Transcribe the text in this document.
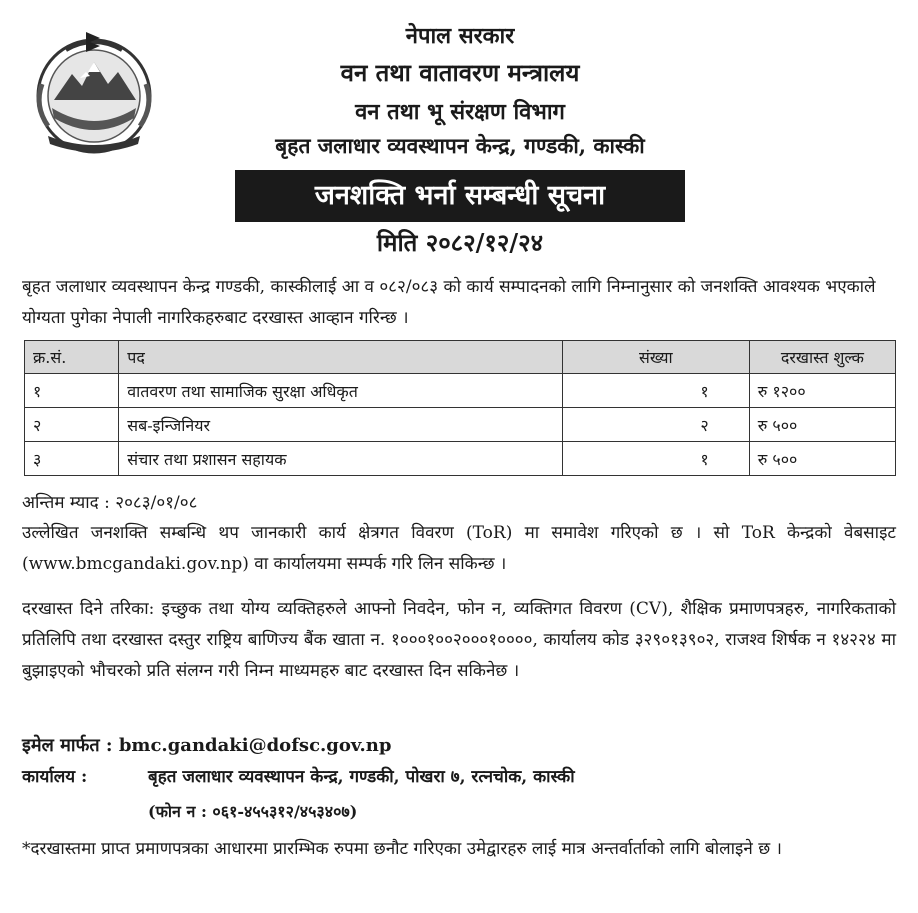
नेपाल सरकार
वन तथा वातावरण मन्त्रालय
वन तथा भू संरक्षण विभाग
बृहत जलाधार व्यवस्थापन केन्द्र, गण्डकी, कास्की
जनशक्ति भर्ना सम्बन्धी सूचना
मिति २०८२/१२/२४
बृहत जलाधार व्यवस्थापन केन्द्र गण्डकी, कास्कीलाई आ व ०८२/०८३ को कार्य सम्पादनको लागि निम्नानुसार को जनशक्ति आवश्यक भएकाले योग्यता पुगेका नेपाली नागरिकहरुबाट दरखास्त आव्हान गरिन्छ ।
क्र.सं.	पद	संख्या	दरखास्त शुल्क
१	वातवरण तथा सामाजिक सुरक्षा अधिकृत	१	रु १२००
२	सब-इन्जिनियर	२	रु ५००
३	संचार तथा प्रशासन सहायक	१	रु ५००
अन्तिम म्याद : २०८३/०१/०८
उल्लेखित जनशक्ति सम्बन्धि थप जानकारी कार्य क्षेत्रगत विवरण (ToR) मा समावेश गरिएको छ । सो ToR केन्द्रको वेबसाइट (www.bmcgandaki.gov.np) वा कार्यालयमा सम्पर्क गरि लिन सकिन्छ ।
दरखास्त दिने तरिका: इच्छुक तथा योग्य व्यक्तिहरुले आफ्नो निवदेन, फोन न, व्यक्तिगत विवरण (CV), शैक्षिक प्रमाणपत्रहरु, नागरिकताको प्रतिलिपि तथा दरखास्त दस्तुर राष्ट्रिय बाणिज्य बैंक खाता न. १०००१००२०००१००००, कार्यालय कोड ३२९०१३९०२, राजश्व शिर्षक न १४२२४ मा बुझाइएको भौचरको प्रति संलग्न गरी निम्न माध्यमहरु बाट दरखास्त दिन सकिनेछ ।
इमेल मार्फत : bmc.gandaki@dofsc.gov.np
कार्यालय :	बृहत जलाधार व्यवस्थापन केन्द्र, गण्डकी, पोखरा ७, रत्नचोक, कास्की
(फोन न : ०६१-४५५३१२/४५३४०७)
*दरखास्तमा प्राप्त प्रमाणपत्रका आधारमा प्रारम्भिक रुपमा छनौट गरिएका उमेद्वारहरु लाई मात्र अन्तर्वार्ताको लागि बोलाइने छ ।
